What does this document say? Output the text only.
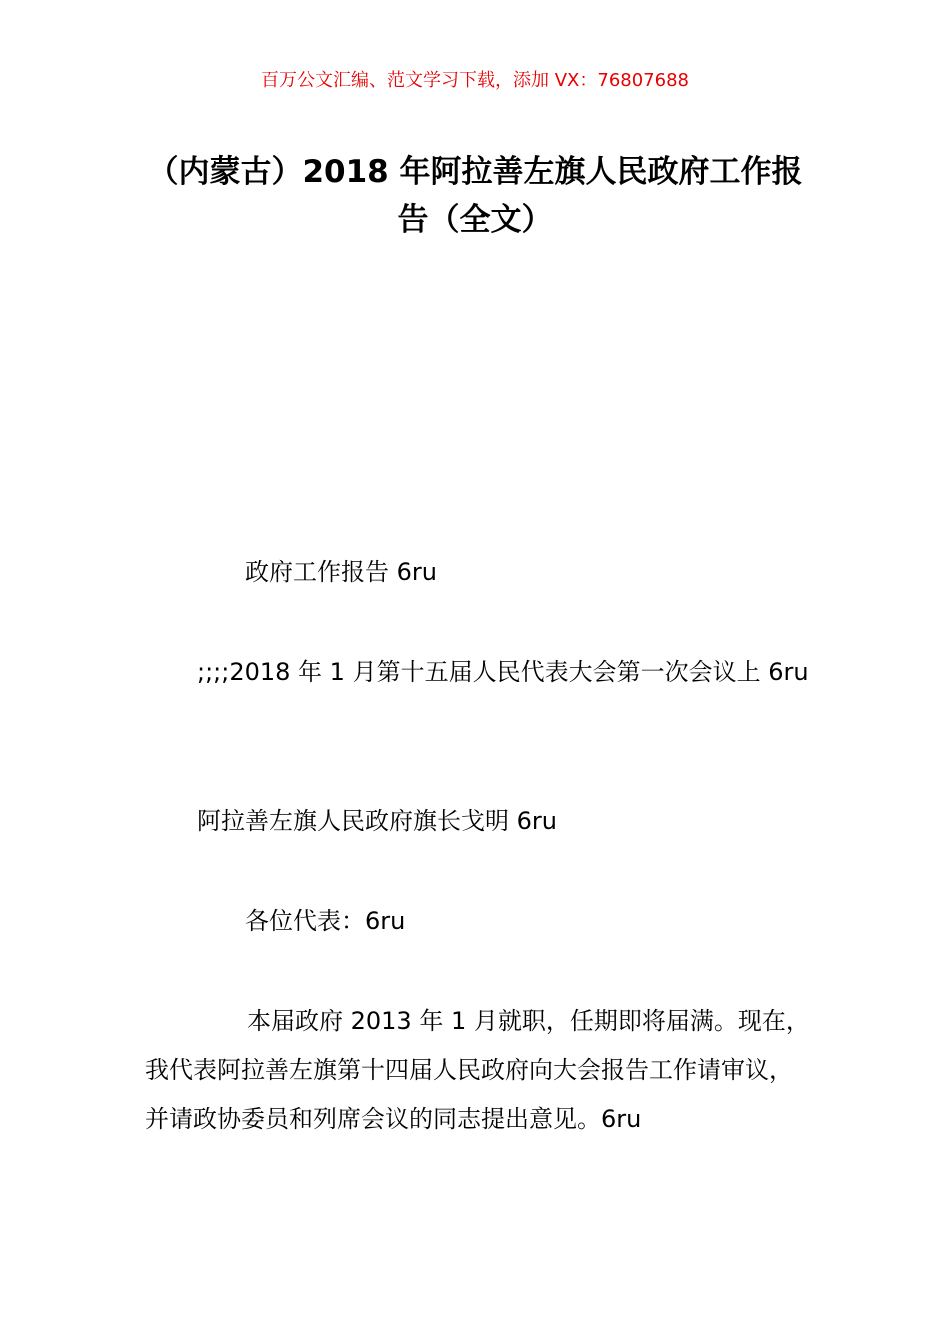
百万公文汇编、范文学习下载，添加 VX：76807688
（内蒙古）2018 年阿拉善左旗人民政府工作报告（全文）

政府工作报告 6ru

;;;;2018 年 1 月第十五届人民代表大会第一次会议上 6ru

阿拉善左旗人民政府旗长戈明 6ru

各位代表：6ru

本届政府 2013 年 1 月就职，任期即将届满。现在，我代表阿拉善左旗第十四届人民政府向大会报告工作请审议，并请政协委员和列席会议的同志提出意见。6ru
